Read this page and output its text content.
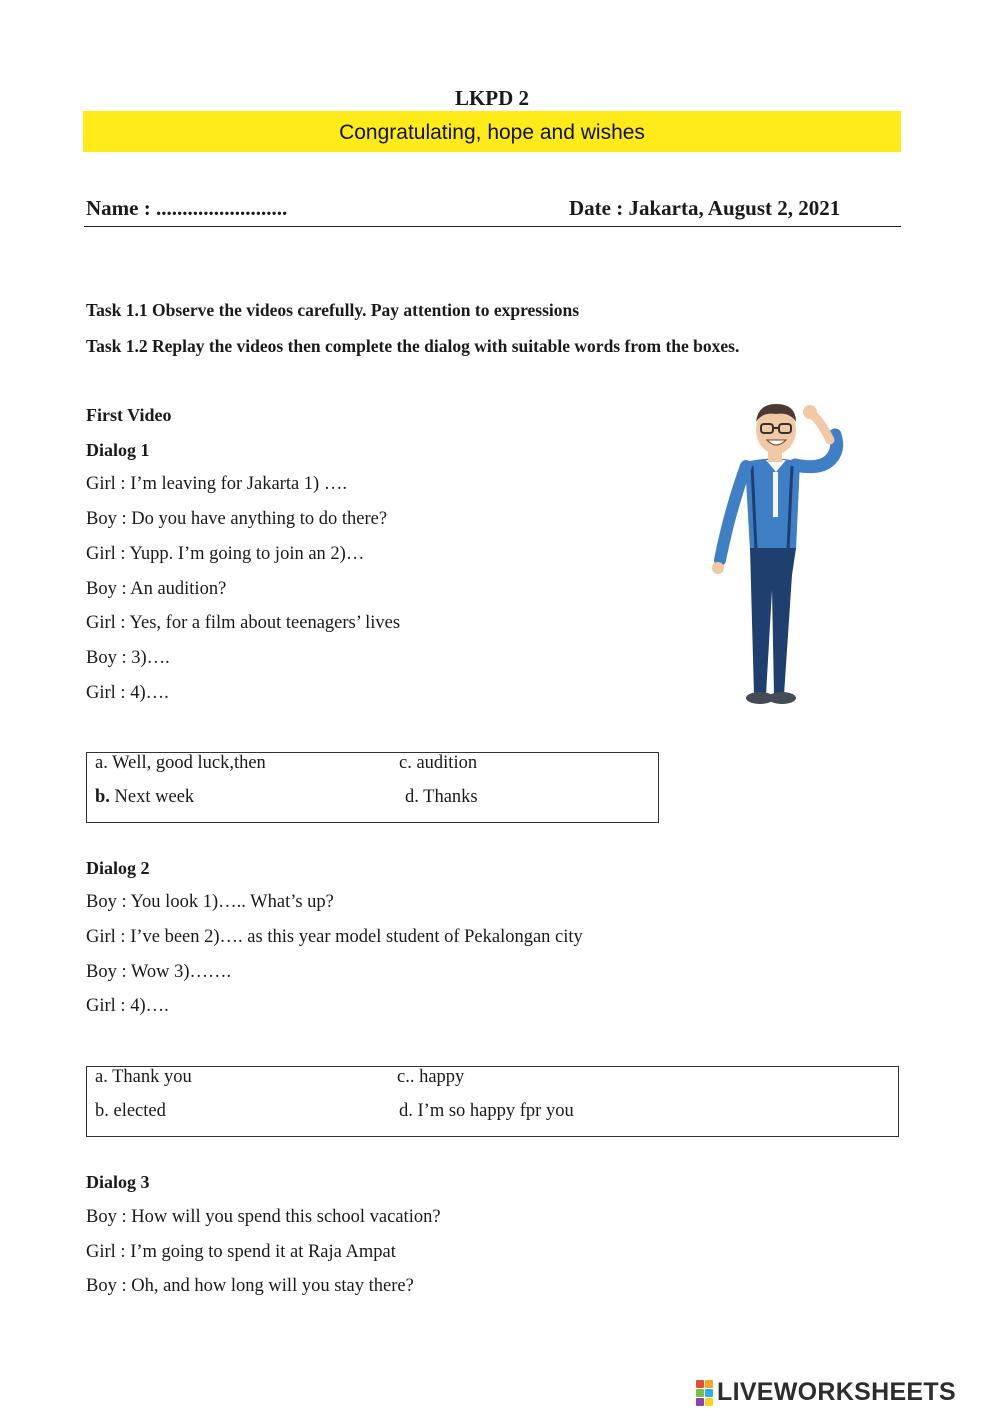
LKPD 2
Congratulating, hope and wishes
Name : .........................	Date : Jakarta, August 2, 2021
Task 1.1 Observe the videos carefully. Pay attention to expressions
Task 1.2 Replay the videos then complete the dialog with suitable words from the boxes.
First Video
Dialog 1
Girl : I’m leaving for Jakarta 1) ….
Boy : Do you have anything to do there?
Girl : Yupp. I’m going to join an 2)…
Boy : An audition?
Girl : Yes, for a film about teenagers’ lives
Boy : 3)….
Girl : 4)….
a. Well, good luck,then	c. audition
b. Next week	d. Thanks
Dialog 2
Boy : You look 1)….. What’s up?
Girl : I’ve been 2)…. as this year model student of Pekalongan city
Boy : Wow 3)…….
Girl : 4)….
a. Thank you	c.. happy
b. elected	d. I’m so happy fpr you
Dialog 3
Boy : How will you spend this school vacation?
Girl : I’m going to spend it at Raja Ampat
Boy : Oh, and how long will you stay there?
LIVEWORKSHEETS
